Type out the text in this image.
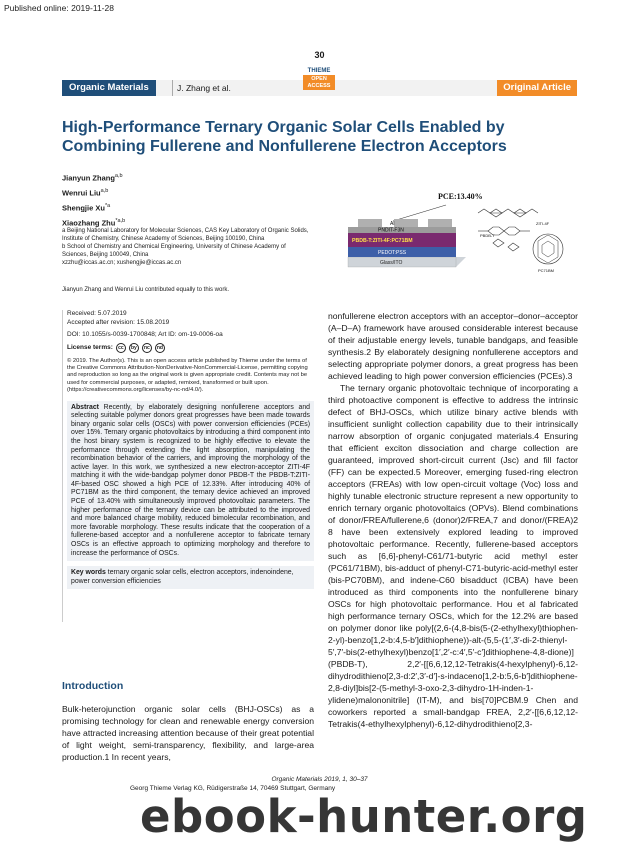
Published online: 2019-11-28
30
Organic Materials	J. Zhang et al.	Original Article
THIEME
OPEN
ACCESS
High-Performance Ternary Organic Solar Cells Enabled by Combining Fullerene and Nonfullerene Electron Acceptors
Jianyun Zhang$^{a,b}$
Wenrui Liu$^{a,b}$
Shengjie Xu$^{*a}$
Xiaozhang Zhu$^{*a,b}$

a Beijing National Laboratory for Molecular Sciences, CAS Key Laboratory of Organic Solids, Institute of Chemistry, Chinese Academy of Sciences, Beijing 100190, China

b School of Chemistry and Chemical Engineering, University of Chinese Academy of Sciences, Beijing 100049, China

xzzhu@iccas.ac.cn; xushengjie@iccas.ac.cn

Jianyun Zhang and Wenrui Liu contributed equally to this work.
PCE:13.40%
Al
PNDIT-F3N
PBDB-T:ZITI-4F:PC71BM
PEDOT:PSS
Glass/ITO
PBDB-T
ZITI-4F
PC71BM
Received: 5.07.2019
Accepted after revision: 15.08.2019
DOI: 10.1055/s-0039-1700848; Art ID: om-19-0006-oa
License terms:	cc	by	nc	nd
© 2019. The Author(s). This is an open access article published by Thieme under the terms of the Creative Commons Attribution-NonDerivative-NonCommercial-License, permitting copying and reproduction so long as the original work is given appropriate credit. Contents may not be used for commercial purposes, or adapted, remixed, transformed or built upon. (https://creativecommons.org/licenses/by-nc-nd/4.0/).
Abstract Recently, by elaborately designing nonfullerene acceptors and selecting suitable polymer donors great progresses have been made towards binary organic solar cells (OSCs) with power conversion efficiencies (PCEs) over 15%. Ternary organic photovoltaics by introducing a third component into the host binary system is recognized to be highly effective to elevate the performance through extending the light absorption, manipulating the recombination behavior of the carriers, and improving the morphology of the active layer. In this work, we synthesized a new electron-acceptor ZITI-4F matching it with the wide-bandgap polymer donor PBDB-T the PBDB-T:ZITI-4F-based OSC showed a high PCE of 12.33%. After introducing 40% of PC71BM as the third component, the ternary device achieved an improved PCE of 13.40% with simultaneously improved photovoltaic parameters. The higher performance of the ternary device can be attributed to the improved and more balanced charge mobility, reduced bimolecular recombination, and more favorable morphology. These results indicate that the cooperation of a fullerene-based acceptor and a nonfullerene acceptor to fabricate ternary OSCs is an effective approach to optimizing morphology and therefore to increase the performance of OSCs.
Key words ternary organic solar cells, electron acceptors, indenoindene, power conversion efficiencies
Introduction

Bulk-heterojunction organic solar cells (BHJ-OSCs) as a promising technology for clean and renewable energy conversion have attracted increasing attention because of their great potential of light weight, semi-transparency, flexibility, and large-area production.1 In recent years,

nonfullerene electron acceptors with an acceptor–donor–acceptor (A–D–A) framework have aroused considerable interest because of their adjustable energy levels, tunable bandgaps, and feasible synthesis.2 By elaborately designing nonfullerene acceptors and selecting appropriate polymer donors, a great progress has been achieved leading to high power conversion efficiencies (PCEs).3

The ternary organic photovoltaic technique of incorporating a third photoactive component is effective to address the intrinsic defect of BHJ-OSCs, which utilize binary active blends with insufficient sunlight collection capability due to their intrinsically narrow absorption of organic conjugated materials.4 Ensuring that efficient exciton dissociation and charge collection are guaranteed, improved short-circuit current (Jsc) and fill factor (FF) can be expected.5 Moreover, emerging fused-ring electron acceptors (FREAs) with low open-circuit voltage (Voc) loss and highly tunable electronic structure represent a new opportunity to enrich ternary organic photovoltaics (OPVs). Blend combinations of donor/FREA/fullerene,6 (donor)2/FREA,7 and donor/(FREA)2 8 have been extensively explored leading to improved photovoltaic performance. Recently, fullerene-based acceptors such as [6,6]-phenyl-C61/71-butyric acid methyl ester (PC61/71BM), bis-adduct of phenyl-C71-butyric-acid-methyl ester (bis-PC70BM), and indene-C60 bisadduct (ICBA) have been introduced as third components into the nonfullerene binary OSCs for high photovoltaic performance. Hou et al fabricated high performance ternary OSCs, which for the 12.2% are based on polymer donor like poly[(2,6-(4,8-bis(5-(2-ethylhexyl)thiophen-2-yl)-benzo[1,2-b:4,5-b′]dithiophene))-alt-(5,5-(1′,3′-di-2-thienyl-5′,7′-bis(2-ethylhexyl)benzo[1′,2′-c:4′,5′-c′]dithiophene-4,8-dione)] (PBDB-T), 2,2′-[[6,6,12,12-Tetrakis(4-hexylphenyl)-6,12-dihydrodithieno[2,3-d:2′,3′-d′]-s-indaceno[1,2-b:5,6-b′]dithiophene-2,8-diyl]bis[2-(5-methyl-3-oxo-2,3-dihydro-1H-inden-1-ylidene)malononitrile] (IT-M), and bis[70]PCBM.9 Chen and coworkers reported a small-bandgap FREA, 2,2′-[[6,6,12,12-Tetrakis(4-ethylhexylphenyl)-6,12-dihydrodithieno[2,3-

Organic Materials 2019, 1, 30–37
Georg Thieme Verlag KG, Rüdigerstraße 14, 70469 Stuttgart, Germany
ebook-hunter.org
